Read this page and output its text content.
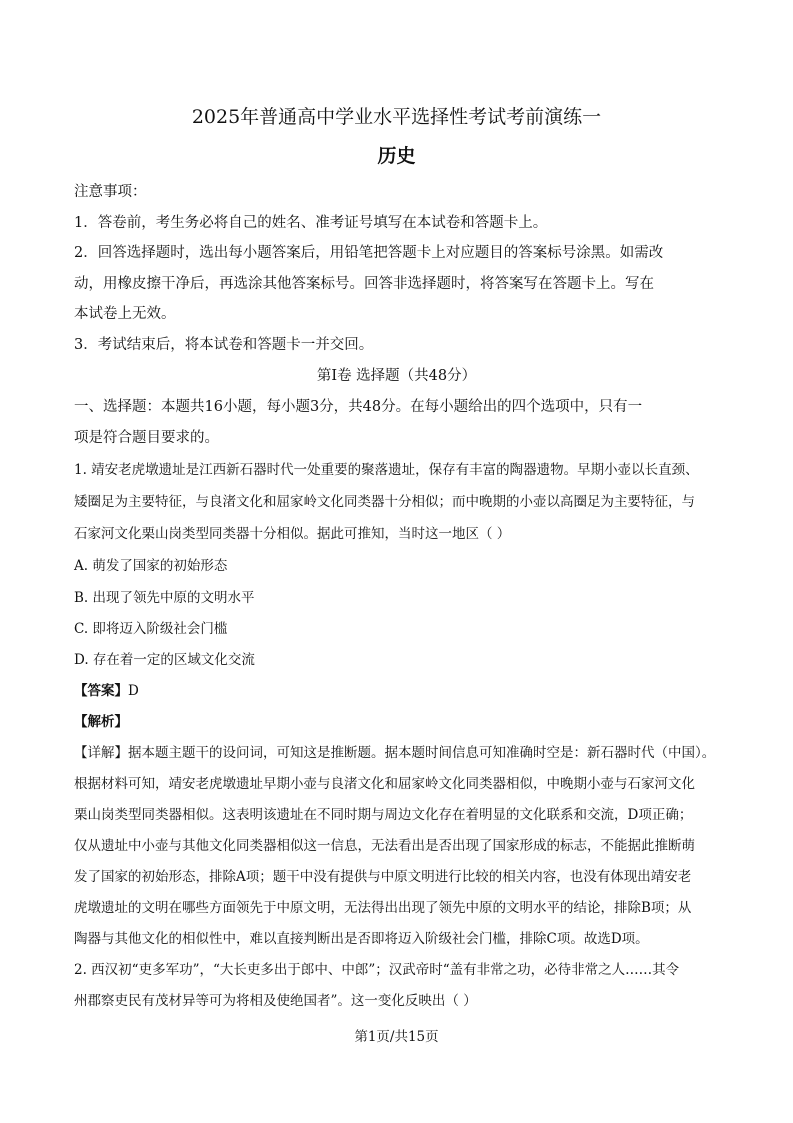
2025年普通高中学业水平选择性考试考前演练一
历史
注意事项：
1．答卷前，考生务必将自己的姓名、准考证号填写在本试卷和答题卡上。
2．回答选择题时，选出每小题答案后，用铅笔把答题卡上对应题目的答案标号涂黑。如需改
动，用橡皮擦干净后，再选涂其他答案标号。回答非选择题时，将答案写在答题卡上。写在
本试卷上无效。
3．考试结束后，将本试卷和答题卡一并交回。
第Ⅰ卷 选择题（共48分）
一、选择题：本题共16小题，每小题3分，共48分。在每小题给出的四个选项中，只有一
项是符合题目要求的。
1. 靖安老虎墩遗址是江西新石器时代一处重要的聚落遗址，保存有丰富的陶器遗物。早期小壶以长直颈、
矮圈足为主要特征，与良渚文化和屈家岭文化同类器十分相似；而中晚期的小壶以高圈足为主要特征，与
石家河文化栗山岗类型同类器十分相似。据此可推知，当时这一地区（ ）
A. 萌发了国家的初始形态
B. 出现了领先中原的文明水平
C. 即将迈入阶级社会门槛
D. 存在着一定的区域文化交流
【答案】D
【解析】
【详解】据本题主题干的设问词，可知这是推断题。据本题时间信息可知准确时空是：新石器时代（中国）。
根据材料可知，靖安老虎墩遗址早期小壶与良渚文化和屈家岭文化同类器相似，中晚期小壶与石家河文化
栗山岗类型同类器相似。这表明该遗址在不同时期与周边文化存在着明显的文化联系和交流，D项正确；
仅从遗址中小壶与其他文化同类器相似这一信息，无法看出是否出现了国家形成的标志，不能据此推断萌
发了国家的初始形态，排除A项；题干中没有提供与中原文明进行比较的相关内容，也没有体现出靖安老
虎墩遗址的文明在哪些方面领先于中原文明，无法得出出现了领先中原的文明水平的结论，排除B项；从
陶器与其他文化的相似性中，难以直接判断出是否即将迈入阶级社会门槛，排除C项。故选D项。
2. 西汉初“吏多军功”，“大长吏多出于郎中、中郎”；汉武帝时“盖有非常之功，必待非常之人……其令
州郡察吏民有茂材异等可为将相及使绝国者”。这一变化反映出（ ）
第1页/共15页
